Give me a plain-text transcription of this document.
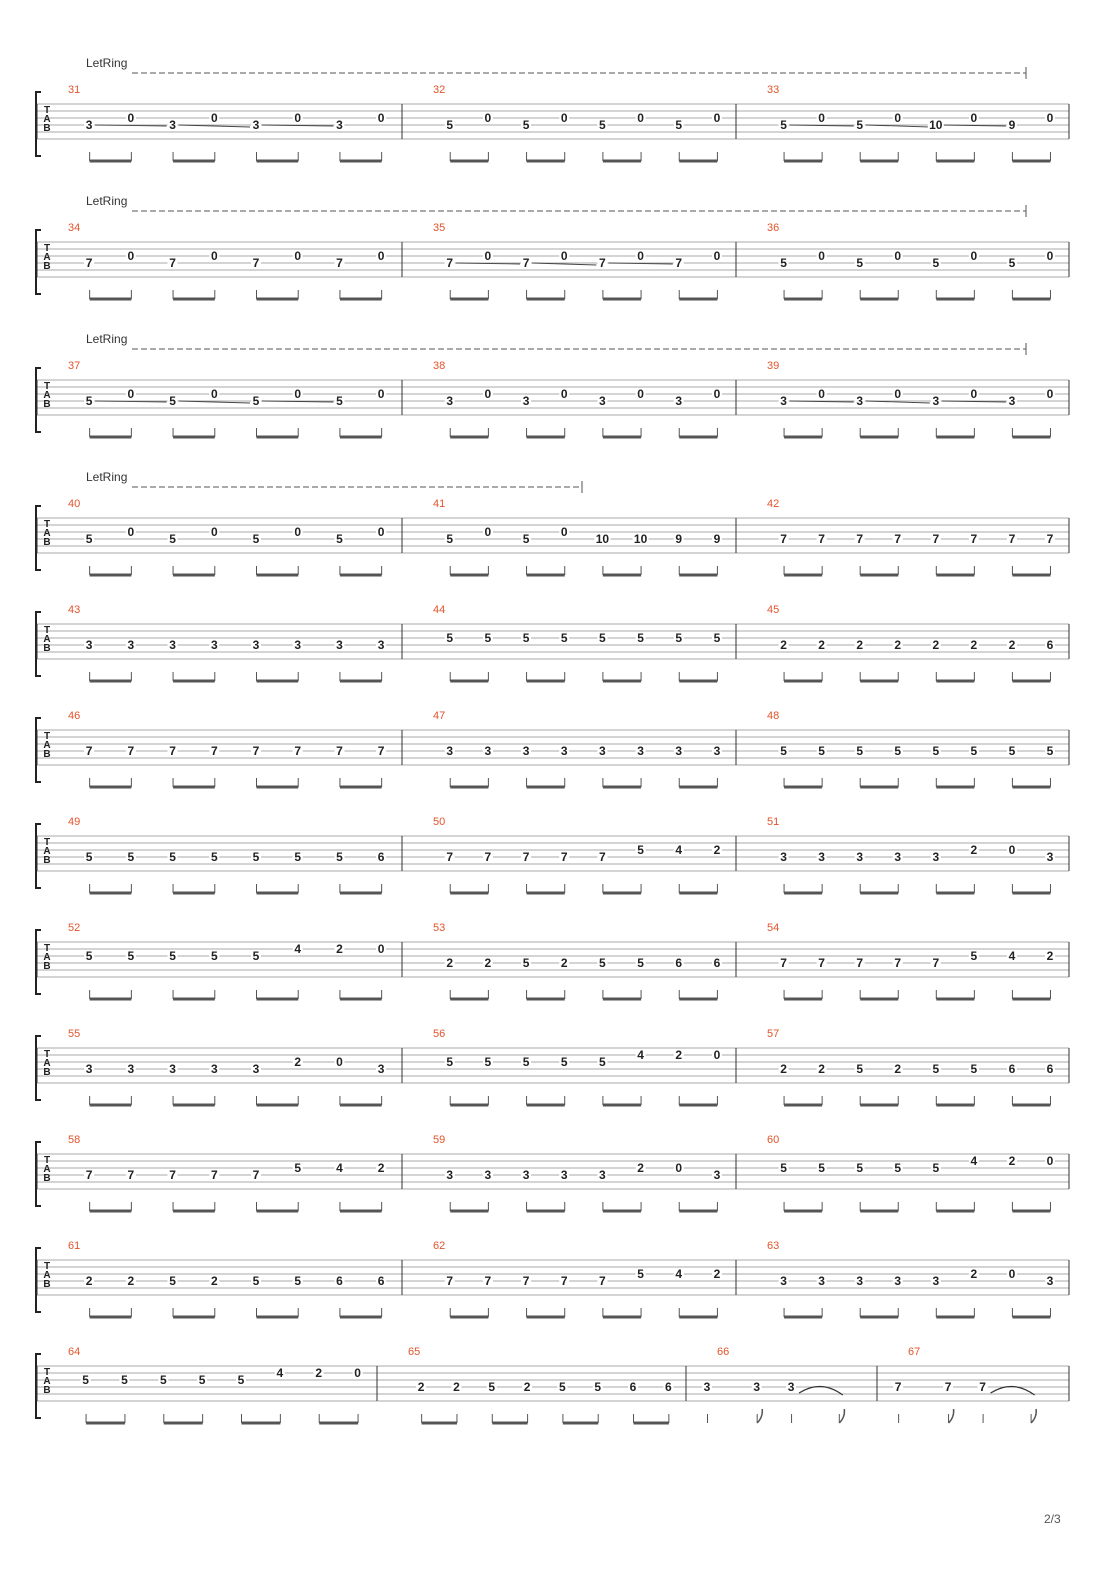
LetRing
T
A
B
31
3	0	3	0	3	0	3	0
32
5	0	5	0	5	0	5	0
33
5	0	5	0 10 0	9	0
LetRing
T
A
B
34
7	0	7	0	7	0	7	0
35
7	0	7	0	7	0	7	0
36
5	0	5	0	5	0	5	0
LetRing
T
A
B
37
5	0	5	0	5	0	5	0
38
3	0	3	0	3	0	3	0
39
3	0	3	0	3	0	3	0
LetRing
T
A
B
40
5	0	5	0	5	0	5	0
41
5	0	5	0 10 10 9	9
42
7	7	7	7	7	7	7	7
T
A
B
43
3	3	3	3	3	3	3	3
44
5	5	5	5	5	5	5	5
45
2	2	2	2	2	2	2	6
T
A
B
46
7	7	7	7	7	7	7	7
47
3	3	3	3	3	3	3	3
48
5	5	5	5	5	5	5	5
T
A
B
49
5	5	5	5	5	5	5	6
50
7	7	7	7	7	5	4	2
51
3	3	3	3	3	2	0	3
T
A
B
52
5	5	5	5	5	4	2	0
53
2	2	5	2	5	5	6	6
54
7	7	7	7	7	5	4	2
T
A
B
55
3	3	3	3	3	2	0	3
56
5	5	5	5	5	4	2	0
57
2	2	5	2	5	5	6	6
T
A
B
58
7	7	7	7	7	5	4	2
59
3	3	3	3	3	2	0	3
60
5	5	5	5	5	4	2	0
T
A
B
61
2	2	5	2	5	5	6	6
62
7	7	7	7	7	5	4	2
63
3	3	3	3	3	2	0	3
T
A
B
64
5	5	5	5	5	4	2	0
65
2 2 5 2 5 5 6 6
66
3	3 3
67
7	7 7
2/3
